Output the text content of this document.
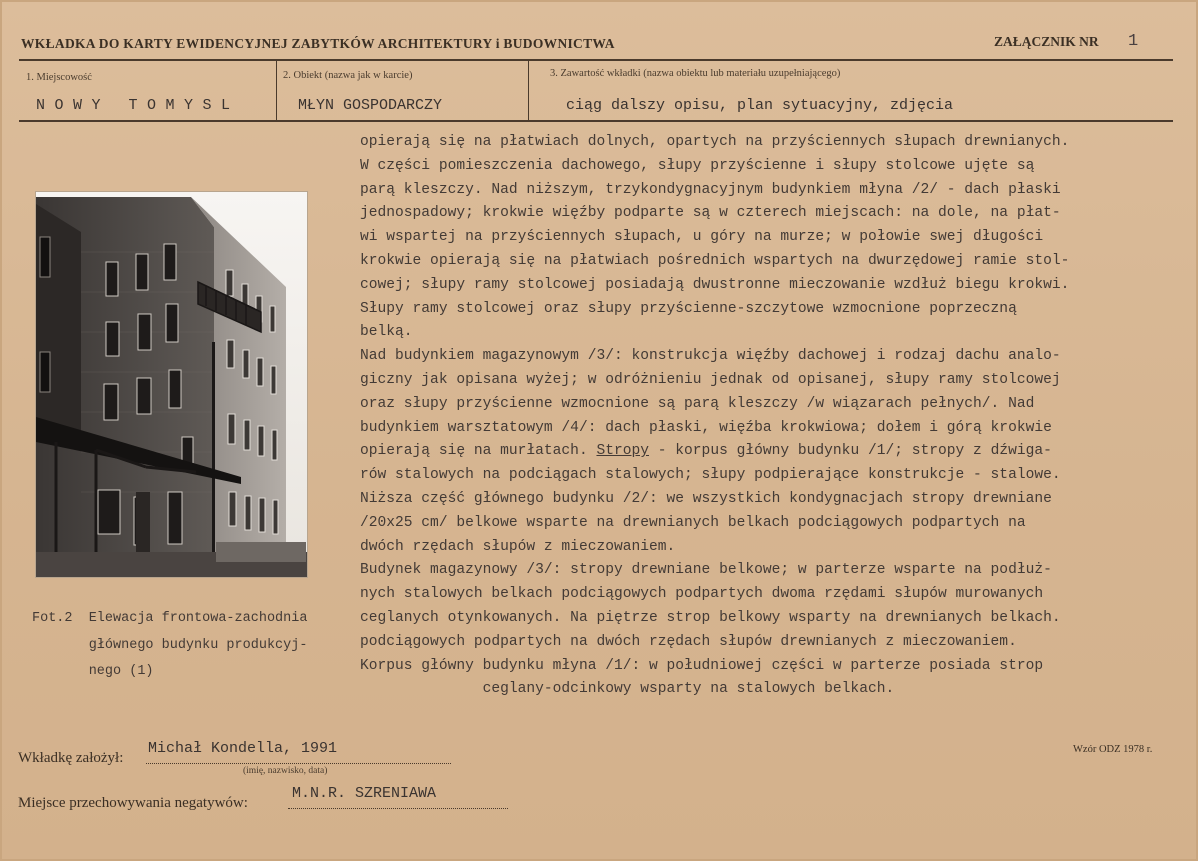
WKŁADKA DO KARTY EWIDENCYJNEJ ZABYTKÓW ARCHITEKTURY i BUDOWNICTWA	ZAŁĄCZNIK NR 1
1. Miejscowość	2. Obiekt (nazwa jak w karcie)	3. Zawartość wkładki (nazwa obiektu lub materiału uzupełniającego)
NOWY TOMYSL	MŁYN GOSPODARCZY	ciąg dalszy opisu, plan sytuacyjny, zdjęcia
Fot.2  Elewacja frontowa-zachodnia
głównego budynku produkcyj-
nego (1)
opierają się na płatwiach dolnych, opartych na przyściennych słupach drewnianych.
W części pomieszczenia dachowego, słupy przyścienne i słupy stolcowe ujęte są
parą kleszczy. Nad niższym, trzykondygnacyjnym budynkiem młyna /2/ - dach płaski
jednospadowy; krokwie więźby podparte są w czterech miejscach: na dole, na płat-
wi wspartej na przyściennych słupach, u góry na murze; w połowie swej długości
krokwie opierają się na płatwiach pośrednich wspartych na dwurzędowej ramie stol-
cowej; słupy ramy stolcowej posiadają dwustronne mieczowanie wzdłuż biegu krokwi.
Słupy ramy stolcowej oraz słupy przyścienne-szczytowe wzmocnione poprzeczną
belką.
Nad budynkiem magazynowym /3/: konstrukcja więźby dachowej i rodzaj dachu analo-
giczny jak opisana wyżej; w odróżnieniu jednak od opisanej, słupy ramy stolcowej
oraz słupy przyścienne wzmocnione są parą kleszczy /w wiązarach pełnych/. Nad
budynkiem warsztatowym /4/: dach płaski, więźba krokwiowa; dołem i górą krokwie
opierają się na murłatach. Stropy - korpus główny budynku /1/; stropy z dźwiga-
rów stalowych na podciągach stalowych; słupy podpierające konstrukcje - stalowe.
Niższa część głównego budynku /2/: we wszystkich kondygnacjach stropy drewniane
/20x25 cm/ belkowe wsparte na drewnianych belkach podciągowych podpartych na
dwóch rzędach słupów z mieczowaniem.
Budynek magazynowy /3/: stropy drewniane belkowe; w parterze wsparte na podłuż-
nych stalowych belkach podciągowych podpartych dwoma rzędami słupów murowanych
ceglanych otynkowanych. Na piętrze strop belkowy wsparty na drewnianych belkach.
podciągowych podpartych na dwóch rzędach słupów drewnianych z mieczowaniem.
Korpus główny budynku młyna /1/: w południowej części w parterze posiada strop
ceglany-odcinkowy wsparty na stalowych belkach.
Wkładkę założył:
Michał Kondella, 1991
(imię, nazwisko, data)
Miejsce przechowywania negatywów:
M.N.R. SZRENIAWA
Wzór ODZ 1978 r.
